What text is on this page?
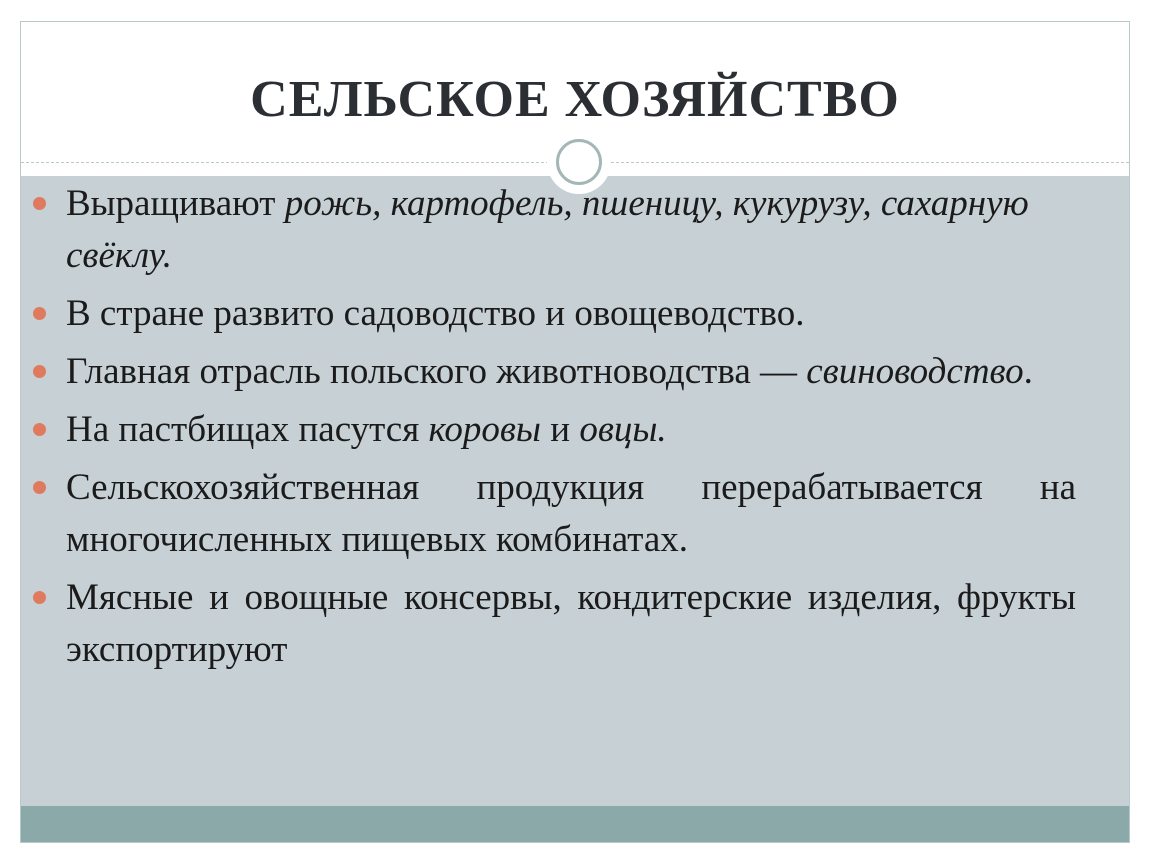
СЕЛЬСКОЕ ХОЗЯЙСТВО
Выращивают рожь, картофель, пшеницу, кукурузу, сахарную свёклу.
В стране развито садоводство и овощеводство.
Главная отрасль польского животноводства — свиноводство.
На пастбищах пасутся коровы и овцы.
Сельскохозяйственная продукция перерабатывается на многочисленных пищевых комбинатах.
Мясные и овощные консервы, кондитерские изделия, фрукты экспортируют
